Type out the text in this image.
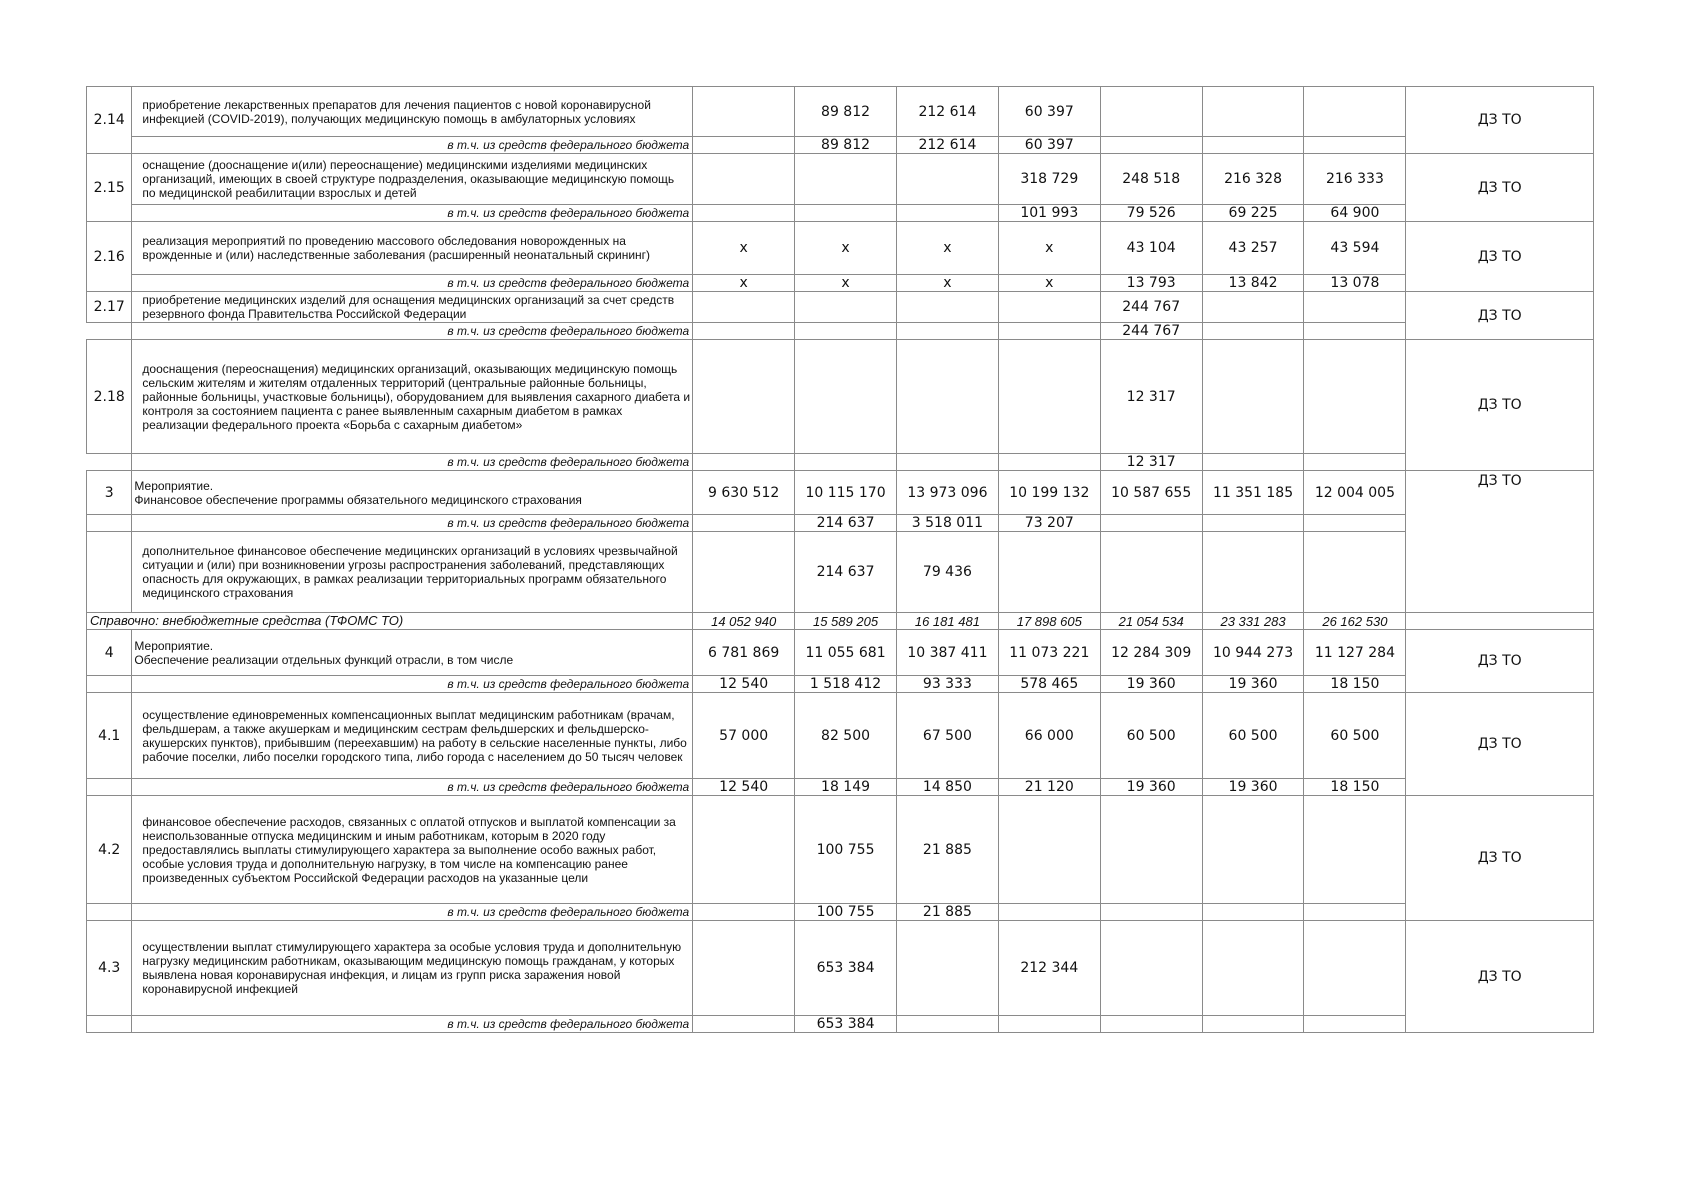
2.14	приобретение лекарственных препаратов для лечения пациентов с новой коронавирусной инфекцией (COVID-2019), получающих медицинскую помощь в амбулаторных условиях		89 812	212 614	60 397				ДЗ ТО
	в т.ч. из средств федерального бюджета		89 812	212 614	60 397				
2.15	оснащение (дооснащение и(или) переоснащение) медицинскими изделиями медицинских организаций, имеющих в своей структуре подразделения, оказывающие медицинскую помощь по медицинской реабилитации взрослых и детей				318 729	248 518	216 328	216 333	ДЗ ТО
	в т.ч. из средств федерального бюджета				101 993	79 526	69 225	64 900	
2.16	реализация мероприятий по проведению массового обследования новорожденных на врожденные и (или) наследственные заболевания (расширенный неонатальный скрининг)	х	х	х	х	43 104	43 257	43 594	ДЗ ТО
	в т.ч. из средств федерального бюджета	х	х	х	х	13 793	13 842	13 078	
2.17	приобретение медицинских изделий для оснащения медицинских организаций за счет средств резервного фонда Правительства Российской Федерации					244 767			ДЗ ТО
	в т.ч. из средств федерального бюджета					244 767			
2.18	дооснащения (переоснащения) медицинских организаций, оказывающих медицинскую помощь сельским жителям и жителям отдаленных территорий (центральные районные больницы, районные больницы, участковые больницы), оборудованием для выявления сахарного диабета и контроля за состоянием пациента с ранее выявленным сахарным диабетом в рамках реализации федерального проекта «Борьба с сахарным диабетом»					12 317			ДЗ ТО
	в т.ч. из средств федерального бюджета					12 317			
3	Мероприятие.
Финансовое обеспечение программы обязательного медицинского страхования	9 630 512	10 115 170	13 973 096	10 199 132	10 587 655	11 351 185	12 004 005	ДЗ ТО
	в т.ч. из средств федерального бюджета		214 637	3 518 011	73 207				
	дополнительное финансовое обеспечение медицинских организаций в условиях чрезвычайной ситуации и (или) при возникновении угрозы распространения заболеваний, представляющих опасность для окружающих, в рамках реализации территориальных программ обязательного медицинского страхования		214 637	79 436					
Справочно: внебюджетные средства (ТФОМС ТО)		14 052 940	15 589 205	16 181 481	17 898 605	21 054 534	23 331 283	26 162 530	
4	Мероприятие.
Обеспечение реализации отдельных функций отрасли, в том числе	6 781 869	11 055 681	10 387 411	11 073 221	12 284 309	10 944 273	11 127 284	ДЗ ТО
	в т.ч. из средств федерального бюджета	12 540	1 518 412	93 333	578 465	19 360	19 360	18 150	
4.1	осуществление единовременных компенсационных выплат медицинским работникам (врачам, фельдшерам, а также акушеркам и медицинским сестрам фельдшерских и фельдшерско-акушерских пунктов), прибывшим (переехавшим) на работу в сельские населенные пункты, либо рабочие поселки, либо поселки городского типа, либо города с населением до 50 тысяч человек	57 000	82 500	67 500	66 000	60 500	60 500	60 500	ДЗ ТО
	в т.ч. из средств федерального бюджета	12 540	18 149	14 850	21 120	19 360	19 360	18 150	
4.2	финансовое обеспечение расходов, связанных с оплатой отпусков и выплатой компенсации за неиспользованные отпуска медицинским и иным работникам, которым в 2020 году предоставлялись выплаты стимулирующего характера за выполнение особо важных работ, особые условия труда и дополнительную нагрузку, в том числе на компенсацию ранее произведенных субъектом Российской Федерации расходов на указанные цели		100 755	21 885					ДЗ ТО
	в т.ч. из средств федерального бюджета		100 755	21 885					
4.3	осуществлении выплат стимулирующего характера за особые условия труда и дополнительную нагрузку медицинским работникам, оказывающим медицинскую помощь гражданам, у которых выявлена новая коронавирусная инфекция, и лицам из групп риска заражения новой коронавирусной инфекцией		653 384		212 344				ДЗ ТО
	в т.ч. из средств федерального бюджета		653 384						
